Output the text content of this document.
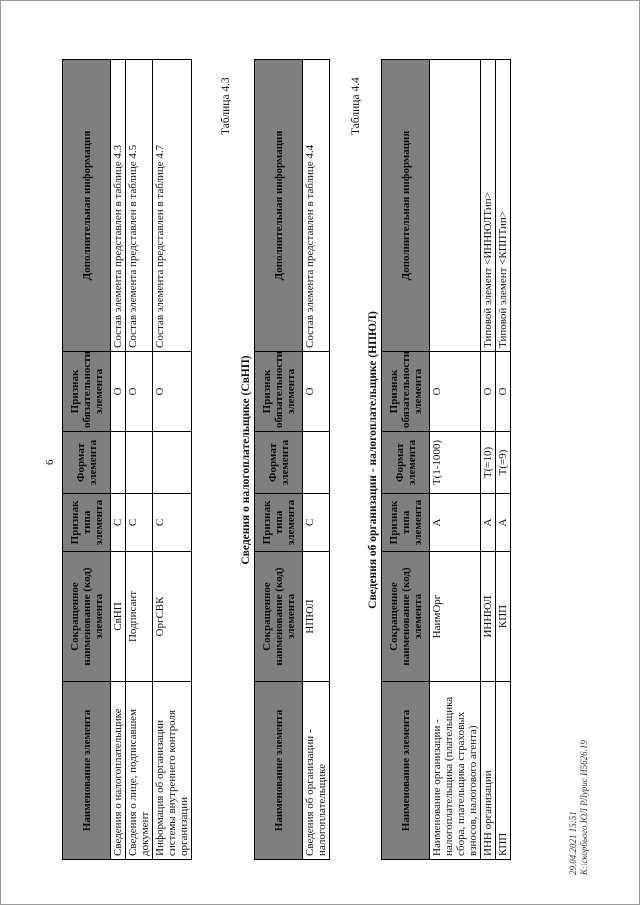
6
Наименование элемента	Сокращенное наименование (код) элемента	Признак типа элемента	Формат элемента	Признак обязательности элемента	Дополнительная информация
Сведения о налогоплательщике	СвНП	С		О	Состав элемента представлен в таблице 4.3
Сведения о лице, подписавшем документ	Подписант	С		О	Состав элемента представлен в таблице 4.5
Информация об организации системы внутреннего контроля организации	ОргСВК	С		О	Состав элемента представлен в таблице 4.7
Таблица 4.3
Сведения о налогоплательщике (СвНП)
Наименование элемента	Сокращенное наименование (код) элемента	Признак типа элемента	Формат элемента	Признак обязательности элемента	Дополнительная информация
Сведения об организации - налогоплательщике	НПЮЛ	С		О	Состав элемента представлен в таблице 4.4
Таблица 4.4
Сведения об организации - налогоплательщике (НПЮЛ)
Наименование элемента	Сокращенное наименование (код) элемента	Признак типа элемента	Формат элемента	Признак обязательности элемента	Дополнительная информация
Наименование организации - налогоплательщика (плательщика сбора, плательщика страховых взносов, налогового агента)	НаимОрг	А	T(1-1000)	О	
ИНН организации	ИННЮЛ	А	T(=10)	О	Типовой элемент <ИННЮЛТип>
КПП	КПП	А	T(=9)	О	Типовой элемент <КППТип>
29.04.2021 15:51 К:\скорбього ЮЛ РЛурис И5626.19
